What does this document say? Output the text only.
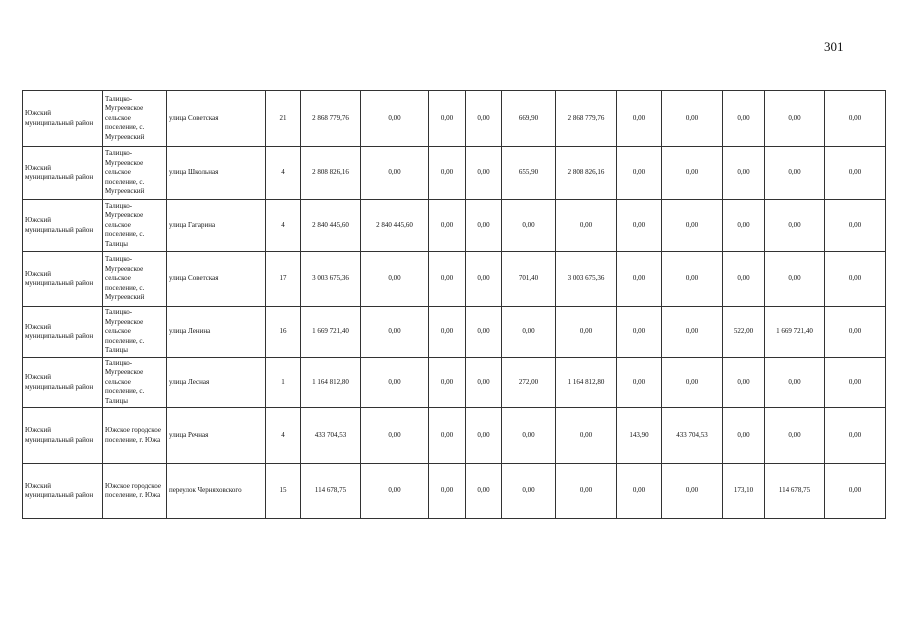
301
Южский муниципальный район	Талицко-Мугреевское сельское поселение, с. Мугреевский	улица Советская	21	2 868 779,76	0,00	0,00	0,00	669,90	2 868 779,76	0,00	0,00	0,00	0,00	0,00
Южский муниципальный район	Талицко-Мугреевское сельское поселение, с. Мугреевский	улица Школьная	4	2 808 826,16	0,00	0,00	0,00	655,90	2 808 826,16	0,00	0,00	0,00	0,00	0,00
Южский муниципальный район	Талицко-Мугреевское сельское поселение, с. Талицы	улица Гагарина	4	2 840 445,60	2 840 445,60	0,00	0,00	0,00	0,00	0,00	0,00	0,00	0,00	0,00
Южский муниципальный район	Талицко-Мугреевское сельское поселение, с. Мугреевский	улица Советская	17	3 003 675,36	0,00	0,00	0,00	701,40	3 003 675,36	0,00	0,00	0,00	0,00	0,00
Южский муниципальный район	Талицко-Мугреевское сельское поселение, с. Талицы	улица Ленина	16	1 669 721,40	0,00	0,00	0,00	0,00	0,00	0,00	0,00	522,00	1 669 721,40	0,00
Южский муниципальный район	Талицко-Мугреевское сельское поселение, с. Талицы	улица Лесная	1	1 164 812,80	0,00	0,00	0,00	272,00	1 164 812,80	0,00	0,00	0,00	0,00	0,00
Южский муниципальный район	Южское городское поселение, г. Южа	улица Речная	4	433 704,53	0,00	0,00	0,00	0,00	0,00	143,90	433 704,53	0,00	0,00	0,00
Южский муниципальный район	Южское городское поселение, г. Южа	переулок Черняховского	15	114 678,75	0,00	0,00	0,00	0,00	0,00	0,00	0,00	173,10	114 678,75	0,00
